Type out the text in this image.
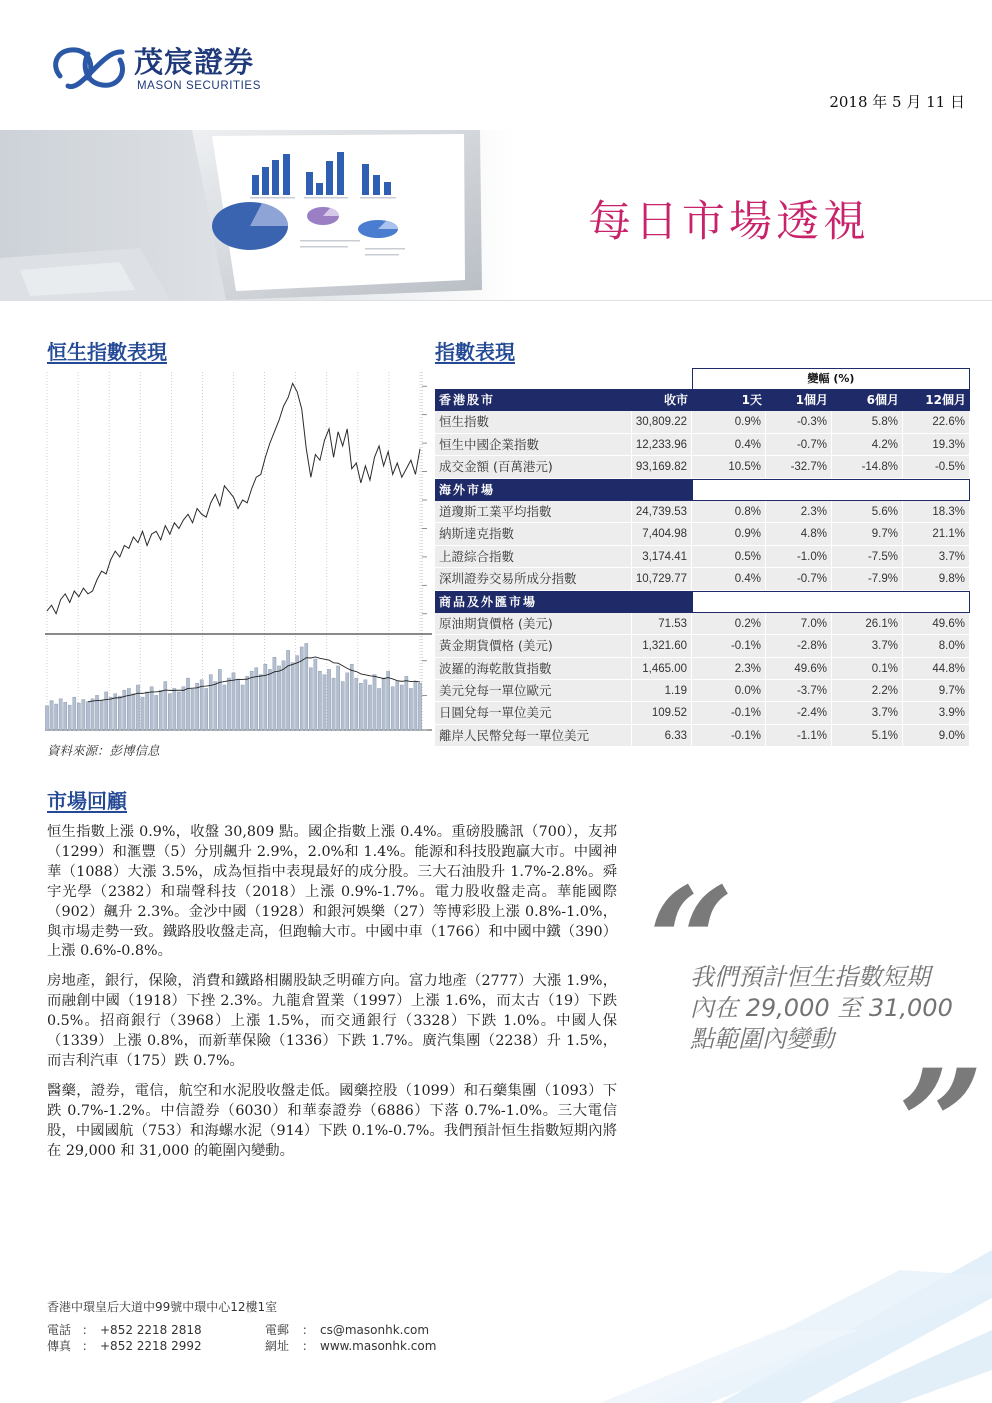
茂宸證券
MASON SECURITIES
2018 年 5 月 11 日
每日市場透視
恒生指數表現	指數表現
市場回顧
資料來源：彭博信息
變幅 (%)
香港股市	收市	1天	1個月	6個月	12個月
恒生指數	30,809.22	0.9%	-0.3%	5.8%	22.6%
恒生中國企業指數	12,233.96	0.4%	-0.7%	4.2%	19.3%
成交金額 (百萬港元)	93,169.82	10.5%	-32.7%	-14.8%	-0.5%
海外市場
道瓊斯工業平均指數	24,739.53	0.8%	2.3%	5.6%	18.3%
納斯達克指數	7,404.98	0.9%	4.8%	9.7%	21.1%
上證綜合指數	3,174.41	0.5%	-1.0%	-7.5%	3.7%
深圳證券交易所成分指數	10,729.77	0.4%	-0.7%	-7.9%	9.8%
商品及外匯市場
原油期貨價格 (美元)	71.53	0.2%	7.0%	26.1%	49.6%
黃金期貨價格 (美元)	1,321.60	-0.1%	-2.8%	3.7%	8.0%
波羅的海乾散貨指數	1,465.00	2.3%	49.6%	0.1%	44.8%
美元兌每一單位歐元	1.19	0.0%	-3.7%	2.2%	9.7%
日圓兌每一單位美元	109.52	-0.1%	-2.4%	3.7%	3.9%
離岸人民幣兌每一單位美元	6.33	-0.1%	-1.1%	5.1%	9.0%

恒生指數上漲 0.9%，收盤 30,809 點。國企指數上漲 0.4%。重磅股騰訊（700），友邦（1299）和滙豐（5）分別飆升 2.9%，2.0%和 1.4%。能源和科技股跑贏大市。中國神華（1088）大漲 3.5%，成為恒指中表現最好的成分股。三大石油股升 1.7%-2.8%。舜宇光學（2382）和瑞聲科技（2018）上漲 0.9%-1.7%。電力股收盤走高。華能國際（902）飆升 2.3%。金沙中國（1928）和銀河娛樂（27）等博彩股上漲 0.8%-1.0%，與市場走勢一致。鐵路股收盤走高，但跑輸大市。中國中車（1766）和中國中鐵（390）上漲 0.6%-0.8%。

房地產，銀行，保險，消費和鐵路相關股缺乏明確方向。富力地產（2777）大漲 1.9%，而融創中國（1918）下挫 2.3%。九龍倉置業（1997）上漲 1.6%，而太古（19）下跌 0.5%。招商銀行（3968）上漲 1.5%，而交通銀行（3328）下跌 1.0%。中國人保（1339）上漲 0.8%，而新華保險（1336）下跌 1.7%。廣汽集團（2238）升 1.5%，而吉利汽車（175）跌 0.7%。

醫藥，證券，電信，航空和水泥股收盤走低。國藥控股（1099）和石藥集團（1093）下跌 0.7%-1.2%。中信證券（6030）和華泰證券（6886）下落 0.7%-1.0%。三大電信股，中國國航（753）和海螺水泥（914）下跌 0.1%-0.7%。我們預計恒生指數短期內將在 29,000 和 31,000 的範圍內變動。

“
我們預計恒生指數短期
內在 29,000 至 31,000
點範圍內變動 ”
香港中環皇后大道中99號中環中心12樓1室
電話 ： +852 2218 2818	電郵 ： cs@masonhk.com
傳真 ： +852 2218 2992	網址 ： www.masonhk.com
